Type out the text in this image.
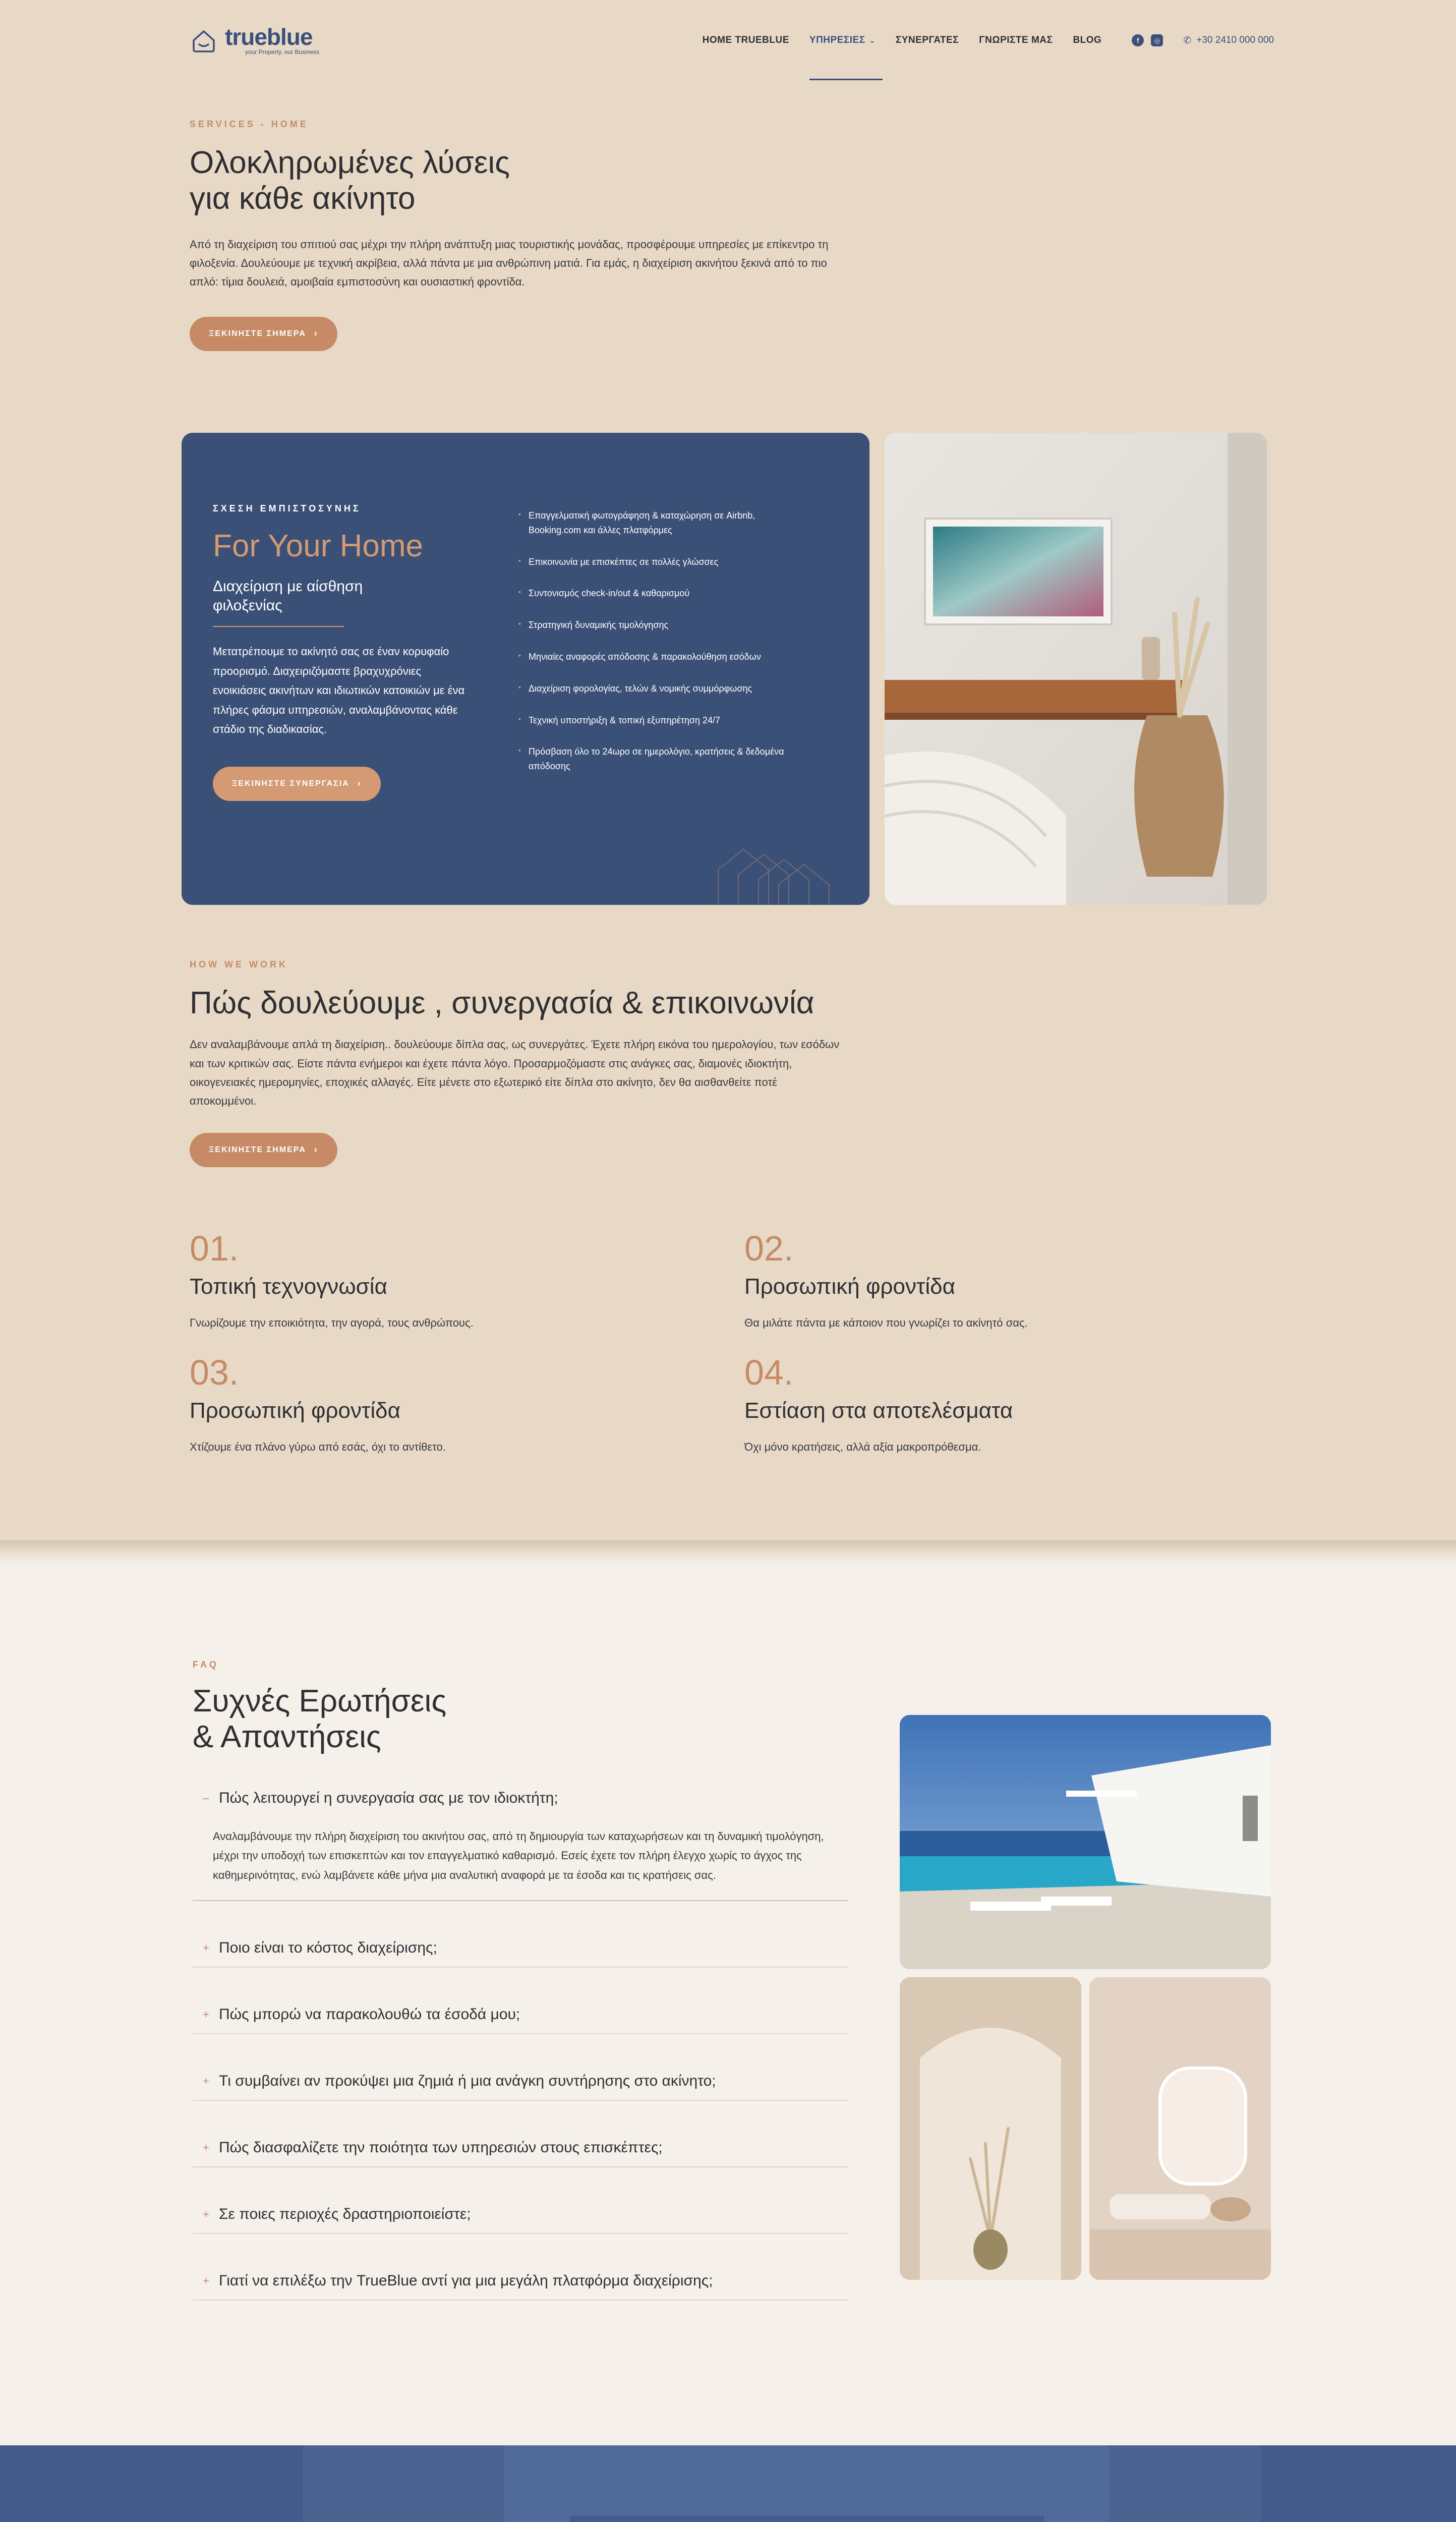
trueblue
your Property, our Business
HOME TRUEBLUE ΥΠΗΡΕΣΙΕΣ ⌄ ΣΥΝΕΡΓΑΤΕΣ ΓΝΩΡΙΣΤΕ ΜΑΣ BLOG	f	◎	✆ +30 2410 000 000
SERVICES - HOME
Ολοκληρωμένες λύσεις
για κάθε ακίνητο

Από τη διαχείριση του σπιτιού σας μέχρι την πλήρη ανάπτυξη μιας τουριστικής μονάδας, προσφέρουμε υπηρεσίες με επίκεντρο τη φιλοξενία. Δουλεύουμε με τεχνική ακρίβεια, αλλά πάντα με μια ανθρώπινη ματιά. Για εμάς, η διαχείριση ακινήτου ξεκινά από το πιο απλό: τίμια δουλειά, αμοιβαία εμπιστοσύνη και ουσιαστική φροντίδα.

ΞΕΚΙΝΗΣΤΕ ΣΗΜΕΡΑ ›
ΣΧΕΣΗ ΕΜΠΙΣΤΟΣΥΝΗΣ
For Your Home
Διαχείριση με αίσθηση φιλοξενίας

Μετατρέπουμε το ακίνητό σας σε έναν κορυφαίο προορισμό. Διαχειριζόμαστε βραχυχρόνιες ενοικιάσεις ακινήτων και ιδιωτικών κατοικιών με ένα πλήρες φάσμα υπηρεσιών, αναλαμβάνοντας κάθε στάδιο της διαδικασίας.

ΞΕΚΙΝΗΣΤΕ ΣΥΝΕΡΓΑΣΙΑ ›
▪ Επαγγελματική φωτογράφηση & καταχώρηση σε Airbnb, Booking.com και άλλες πλατφόρμες
▪ Επικοινωνία με επισκέπτες σε πολλές γλώσσες
▪ Συντονισμός check-in/out & καθαρισμού
▪ Στρατηγική δυναμικής τιμολόγησης
▪ Μηνιαίες αναφορές απόδοσης & παρακολούθηση εσόδων
▪ Διαχείριση φορολογίας, τελών & νομικής συμμόρφωσης
▪ Τεχνική υποστήριξη & τοπική εξυπηρέτηση 24/7
▪ Πρόσβαση όλο το 24ωρο σε ημερολόγιο, κρατήσεις & δεδομένα απόδοσης
HOW WE WORK
Πώς δουλεύουμε , συνεργασία & επικοινωνία

Δεν αναλαμβάνουμε απλά τη διαχείριση.. δουλεύουμε δίπλα σας, ως συνεργάτες. Έχετε πλήρη εικόνα του ημερολογίου, των εσόδων και των κριτικών σας. Είστε πάντα ενήμεροι και έχετε πάντα λόγο. Προσαρμοζόμαστε στις ανάγκες σας, διαμονές ιδιοκτήτη, οικογενειακές ημερομηνίες, εποχικές αλλαγές. Είτε μένετε στο εξωτερικό είτε δίπλα στο ακίνητο, δεν θα αισθανθείτε ποτέ αποκομμένοι.

ΞΕΚΙΝΗΣΤΕ ΣΗΜΕΡΑ ›
01.
Τοπική τεχνογνωσία
Γνωρίζουμε την εποικιότητα, την αγορά, τους ανθρώπους.
02.
Προσωπική φροντίδα
Θα μιλάτε πάντα με κάποιον που γνωρίζει το ακίνητό σας.
03.
Προσωπική φροντίδα
Χτίζουμε ένα πλάνο γύρω από εσάς, όχι το αντίθετο.
04.
Εστίαση στα αποτελέσματα
Όχι μόνο κρατήσεις, αλλά αξία μακροπρόθεσμα.
FAQ
Συχνές Ερωτήσεις
& Απαντήσεις
– Πώς λειτουργεί η συνεργασία σας με τον ιδιοκτήτη;

Αναλαμβάνουμε την πλήρη διαχείριση του ακινήτου σας, από τη δημιουργία των καταχωρήσεων και τη δυναμική τιμολόγηση, μέχρι την υποδοχή των επισκεπτών και τον επαγγελματικό καθαρισμό. Εσείς έχετε τον πλήρη έλεγχο χωρίς το άγχος της καθημερινότητας, ενώ λαμβάνετε κάθε μήνα μια αναλυτική αναφορά με τα έσοδα και τις κρατήσεις σας.

+ Ποιο είναι το κόστος διαχείρισης;
+ Πώς μπορώ να παρακολουθώ τα έσοδά μου;
+ Τι συμβαίνει αν προκύψει μια ζημιά ή μια ανάγκη συντήρησης στο ακίνητο;
+ Πώς διασφαλίζετε την ποιότητα των υπηρεσιών στους επισκέπτες;
+ Σε ποιες περιοχές δραστηριοποιείστε;
+ Γιατί να επιλέξω την TrueBlue αντί για μια μεγάλη πλατφόρμα διαχείρισης;
